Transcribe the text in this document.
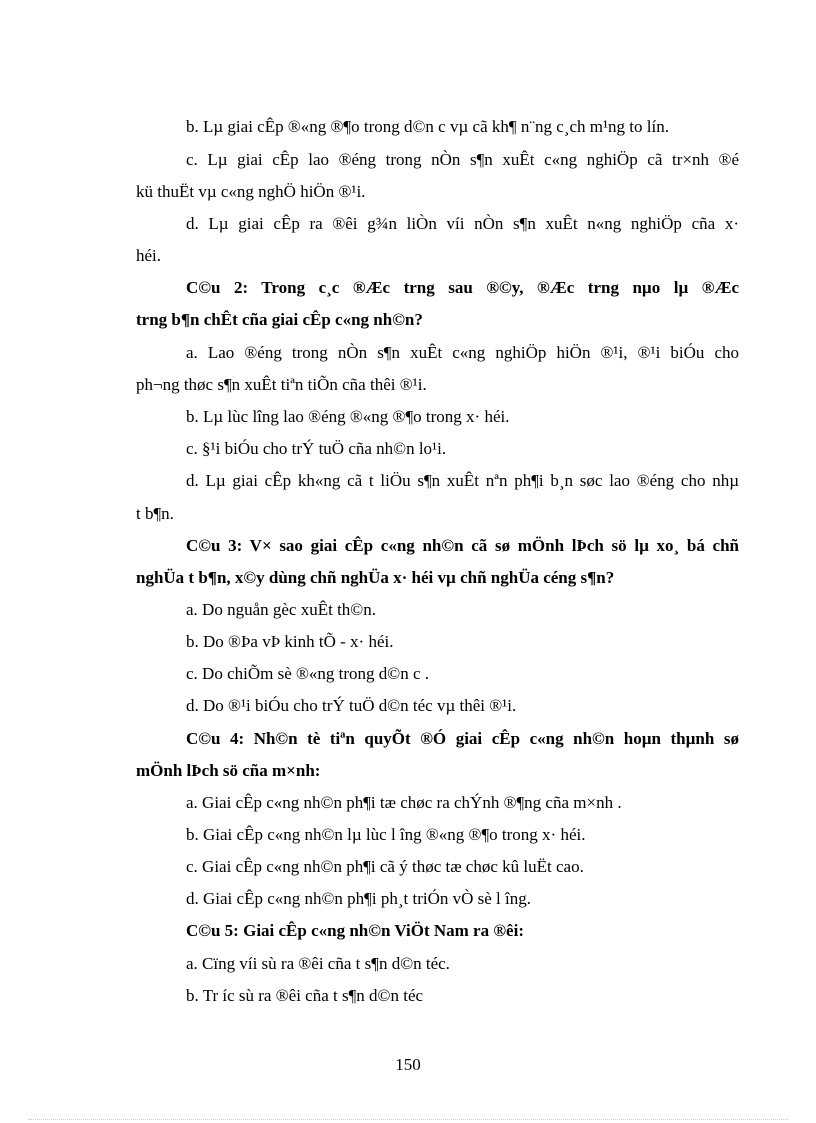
b. Lµ giai cÊp ®«ng ®¶o trong d©n c vµ cã kh¶ n¨ng c¸ch m¹ng to lín.
c. Lµ giai cÊp lao ®éng trong nÒn s¶n xuÊt c«ng nghiÖp cã tr×nh ®é
kü thuËt vµ c«ng nghÖ hiÖn ®¹i.
d. Lµ giai cÊp ra ®êi g¾n liÒn víi nÒn s¶n xuÊt n«ng nghiÖp cña x·
héi.
C©u 2: Trong c¸c ®Æc trng sau ®©y, ®Æc trng nµo lµ ®Æc
trng b¶n chÊt cña giai cÊp c«ng nh©n?
a. Lao ®éng trong nÒn s¶n xuÊt c«ng nghiÖp hiÖn ®¹i, ®¹i biÓu cho
ph¬ng thøc s¶n xuÊt tiªn tiÕn cña thêi ®¹i.
b. Lµ lùc lîng lao ®éng ®«ng ®¶o trong x· héi.
c. §¹i biÓu cho trÝ tuÖ cña nh©n lo¹i.
d. Lµ giai cÊp kh«ng cã t liÖu s¶n xuÊt nªn ph¶i b¸n søc lao ®éng cho nhµ
t b¶n.
C©u 3: V× sao giai cÊp c«ng nh©n cã sø mÖnh lÞch sö lµ xo¸ bá chñ
nghÜa t b¶n, x©y dùng chñ nghÜa x· héi vµ chñ nghÜa céng s¶n?
a. Do nguån gèc xuÊt th©n.
b. Do ®Þa vÞ kinh tÕ - x· héi.
c. Do chiÕm sè ®«ng trong d©n c .
d. Do ®¹i biÓu cho trÝ tuÖ d©n téc vµ thêi ®¹i.
C©u 4: Nh©n tè tiªn quyÕt ®Ó giai cÊp c«ng nh©n hoµn thµnh sø
mÖnh lÞch sö cña m×nh:
a. Giai cÊp c«ng nh©n ph¶i tæ chøc ra chÝnh ®¶ng cña m×nh .
b. Giai cÊp c«ng nh©n lµ lùc l îng ®«ng ®¶o trong x· héi.
c. Giai cÊp c«ng nh©n ph¶i cã ý thøc tæ chøc kû luËt cao.
d. Giai cÊp c«ng nh©n ph¶i ph¸t triÓn vÒ sè l îng.
C©u 5: Giai cÊp c«ng nh©n ViÖt Nam ra ®êi:
a. Cïng víi sù ra ®êi cña t s¶n d©n téc.
b. Tr íc sù ra ®êi cña t s¶n d©n téc
150
